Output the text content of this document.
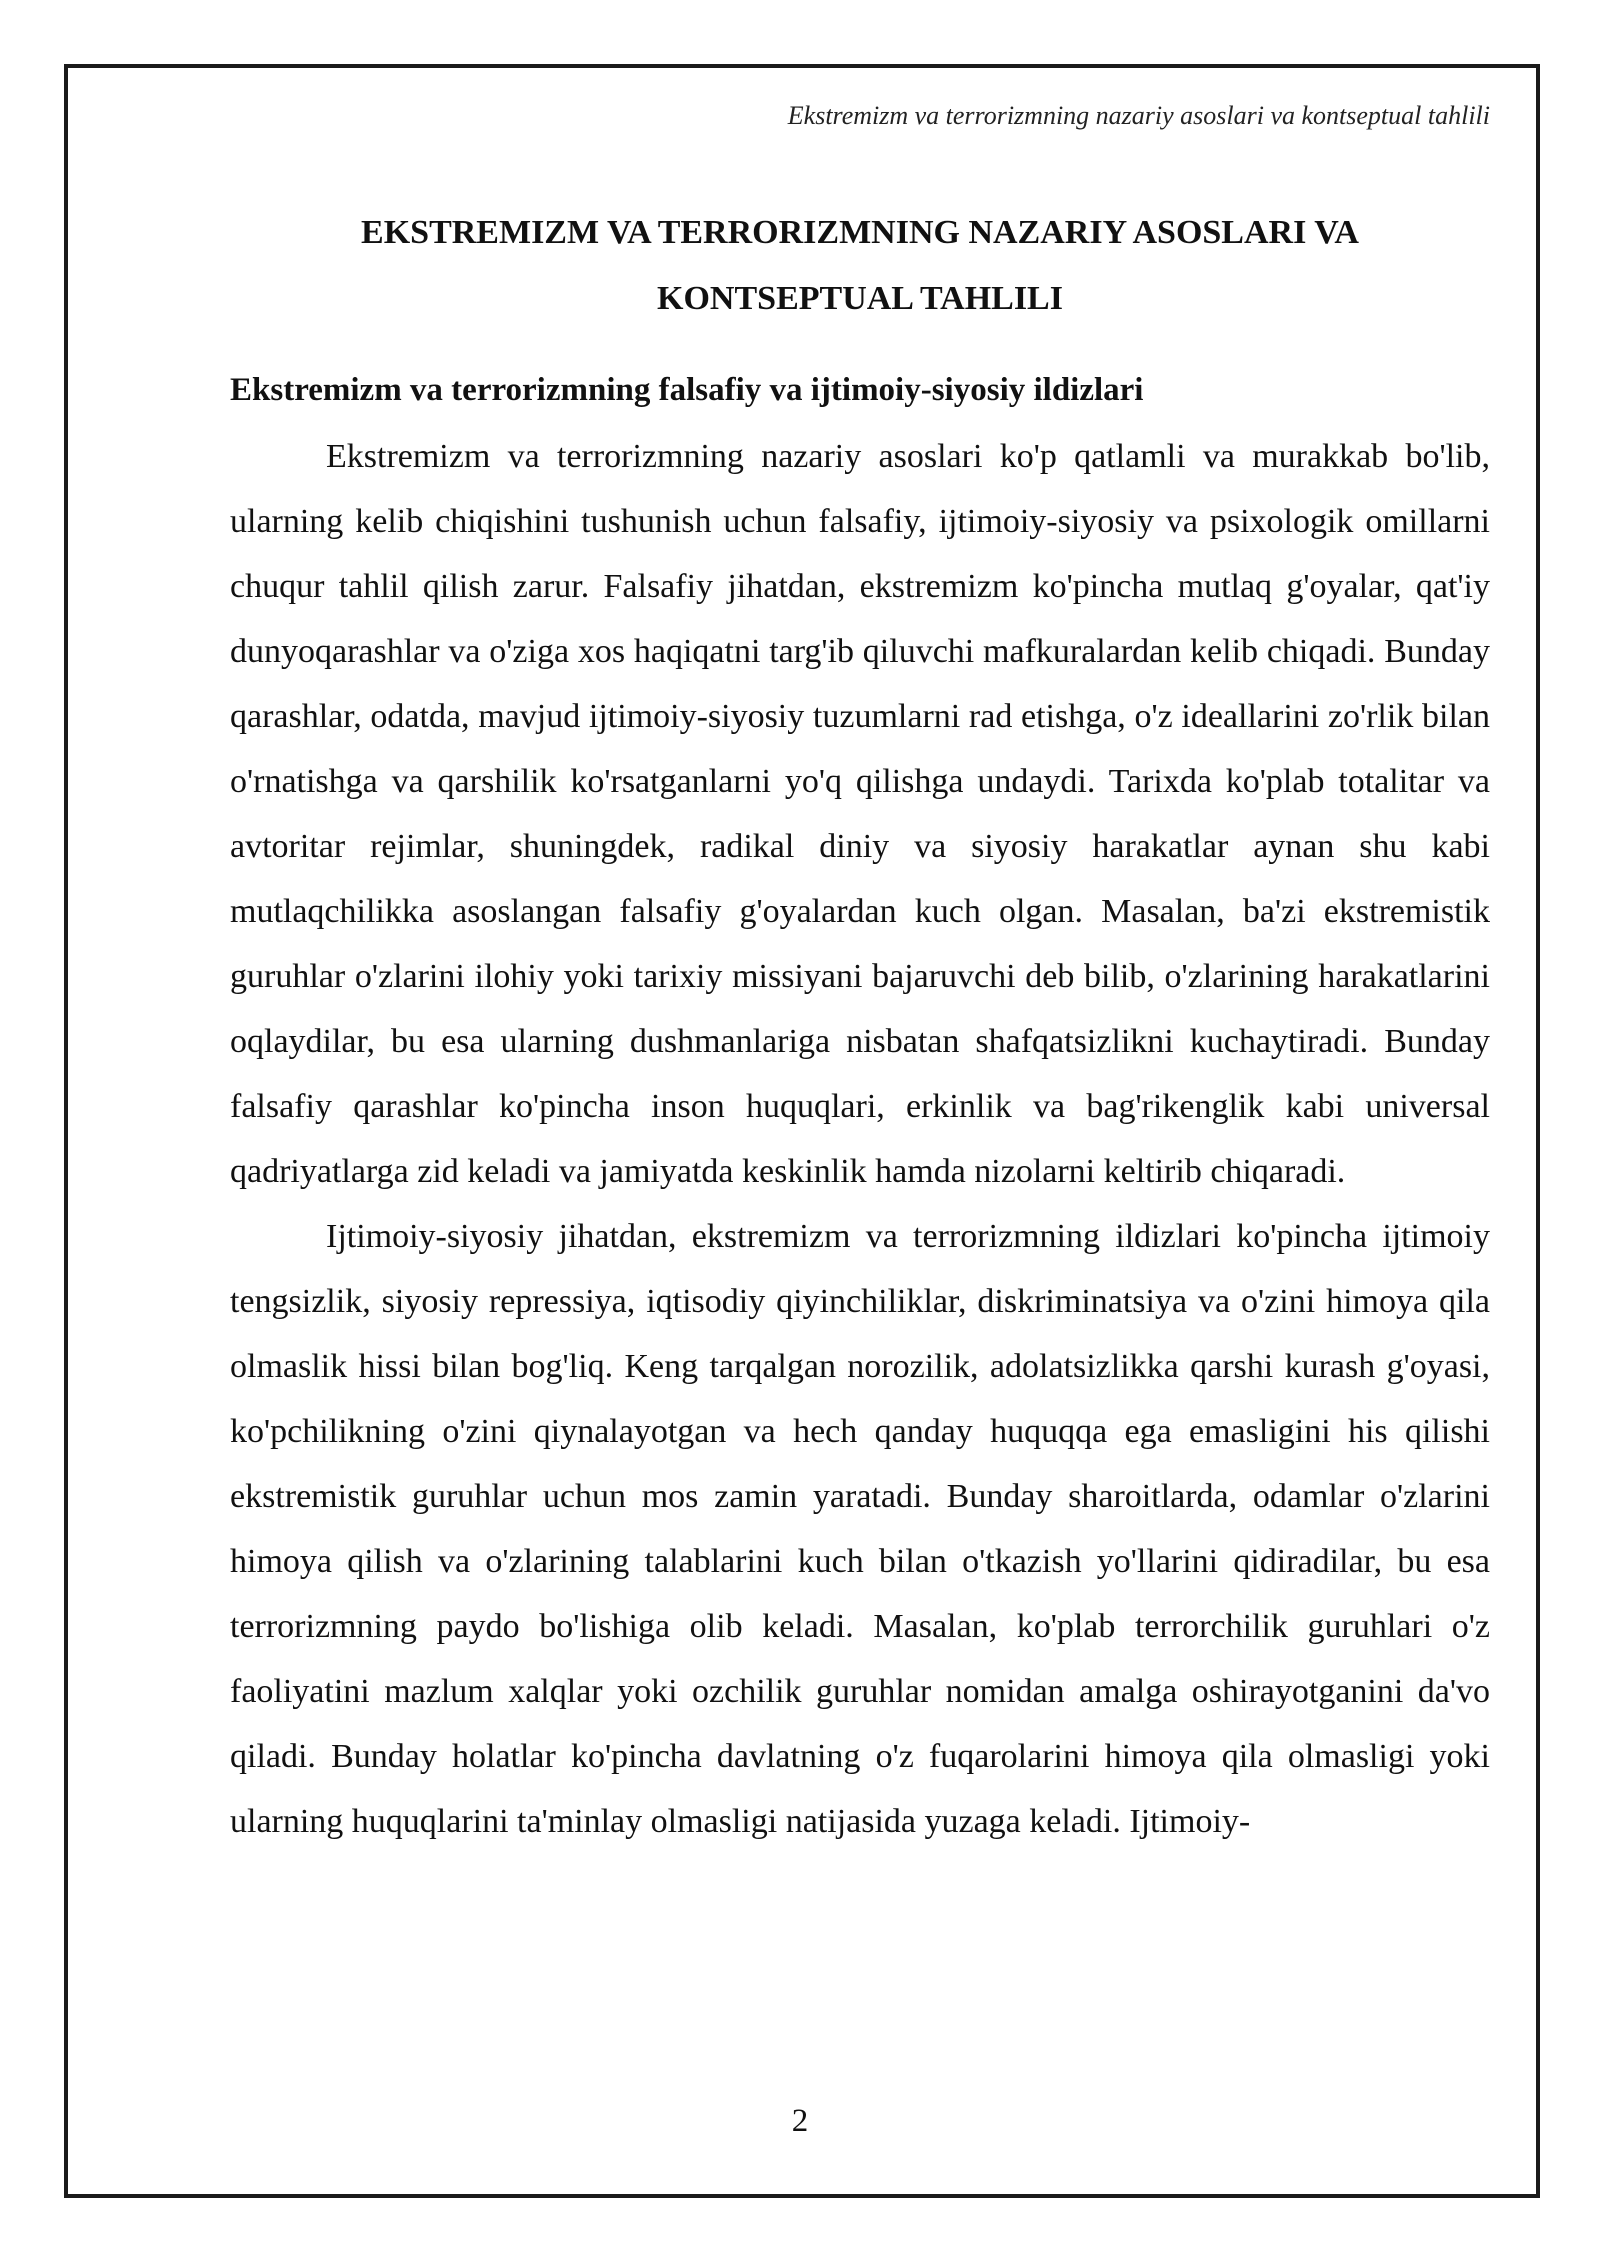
Ekstremizm va terrorizmning nazariy asoslari va kontseptual tahlili
EKSTREMIZM VA TERRORIZMNING NAZARIY ASOSLARI VA KONTSEPTUAL TAHLILI
Ekstremizm va terrorizmning falsafiy va ijtimoiy-siyosiy ildizlari

Ekstremizm va terrorizmning nazariy asoslari ko'p qatlamli va murakkab bo'lib, ularning kelib chiqishini tushunish uchun falsafiy, ijtimoiy-siyosiy va psixologik omillarni chuqur tahlil qilish zarur. Falsafiy jihatdan, ekstremizm ko'pincha mutlaq g'oyalar, qat'iy dunyoqarashlar va o'ziga xos haqiqatni targ'ib qiluvchi mafkuralardan kelib chiqadi. Bunday qarashlar, odatda, mavjud ijtimoiy-siyosiy tuzumlarni rad etishga, o'z ideallarini zo'rlik bilan o'rnatishga va qarshilik ko'rsatganlarni yo'q qilishga undaydi. Tarixda ko'plab totalitar va avtoritar rejimlar, shuningdek, radikal diniy va siyosiy harakatlar aynan shu kabi mutlaqchilikka asoslangan falsafiy g'oyalardan kuch olgan. Masalan, ba'zi ekstremistik guruhlar o'zlarini ilohiy yoki tarixiy missiyani bajaruvchi deb bilib, o'zlarining harakatlarini oqlaydilar, bu esa ularning dushmanlariga nisbatan shafqatsizlikni kuchaytiradi. Bunday falsafiy qarashlar ko'pincha inson huquqlari, erkinlik va bag'rikenglik kabi universal qadriyatlarga zid keladi va jamiyatda keskinlik hamda nizolarni keltirib chiqaradi.

Ijtimoiy-siyosiy jihatdan, ekstremizm va terrorizmning ildizlari ko'pincha ijtimoiy tengsizlik, siyosiy repressiya, iqtisodiy qiyinchiliklar, diskriminatsiya va o'zini himoya qila olmaslik hissi bilan bog'liq. Keng tarqalgan norozilik, adolatsizlikka qarshi kurash g'oyasi, ko'pchilikning o'zini qiynalayotgan va hech qanday huquqqa ega emasligini his qilishi ekstremistik guruhlar uchun mos zamin yaratadi. Bunday sharoitlarda, odamlar o'zlarini himoya qilish va o'zlarining talablarini kuch bilan o'tkazish yo'llarini qidiradilar, bu esa terrorizmning paydo bo'lishiga olib keladi. Masalan, ko'plab terrorchilik guruhlari o'z faoliyatini mazlum xalqlar yoki ozchilik guruhlar nomidan amalga oshirayotganini da'vo qiladi. Bunday holatlar ko'pincha davlatning o'z fuqarolarini himoya qila olmasligi yoki ularning huquqlarini ta'minlay olmasligi natijasida yuzaga keladi. Ijtimoiy-

2
